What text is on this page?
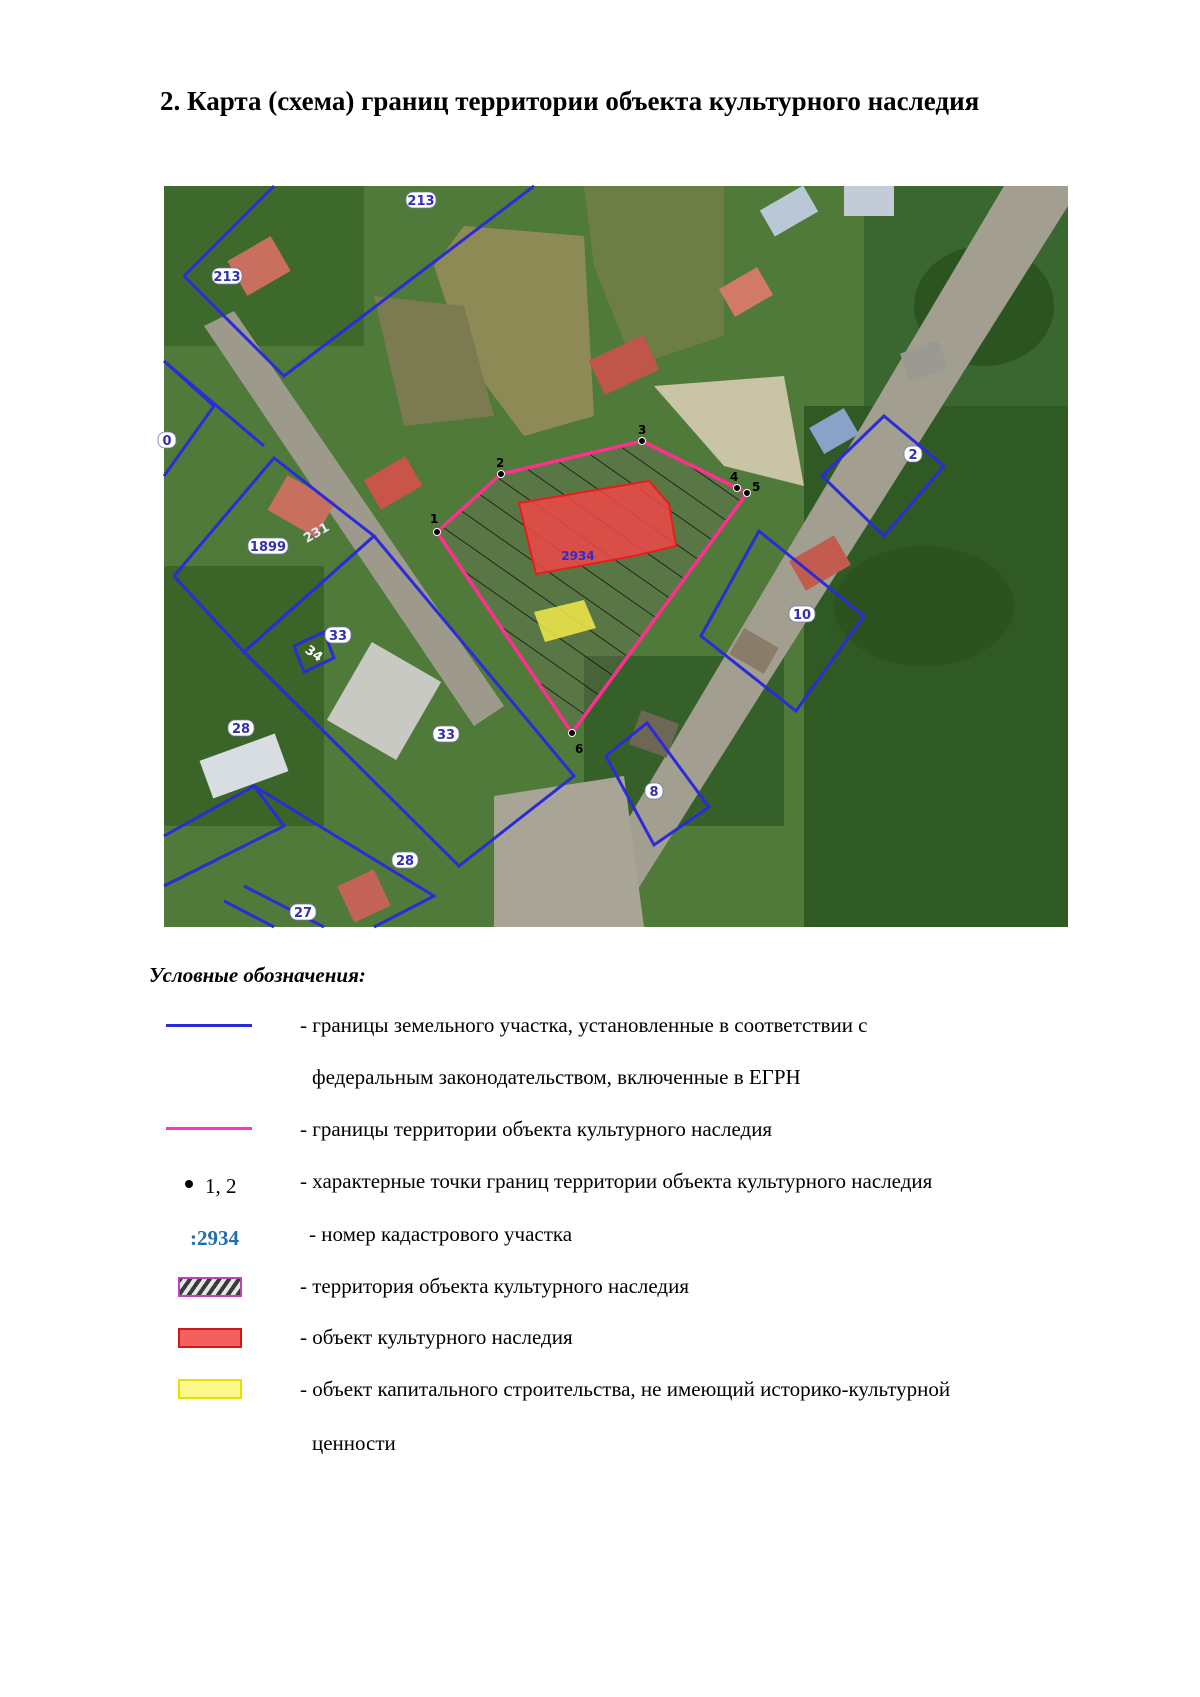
2. Карта (схема) границ территории объекта культурного наследия
213
213
2
10
1899
231
33
34
28	33
28
8
27
0
2934
1
2
3
4
5
6
Условные обозначения:
- границы земельного участка, установленные в соответствии с
федеральным законодательством, включенные в ЕГРН
- границы территории объекта культурного наследия
1, 2	- характерные точки границ территории объекта культурного наследия
:2934	- номер кадастрового участка
- территория объекта культурного наследия
- объект культурного наследия
- объект капитального строительства, не имеющий историко-культурной
ценности
